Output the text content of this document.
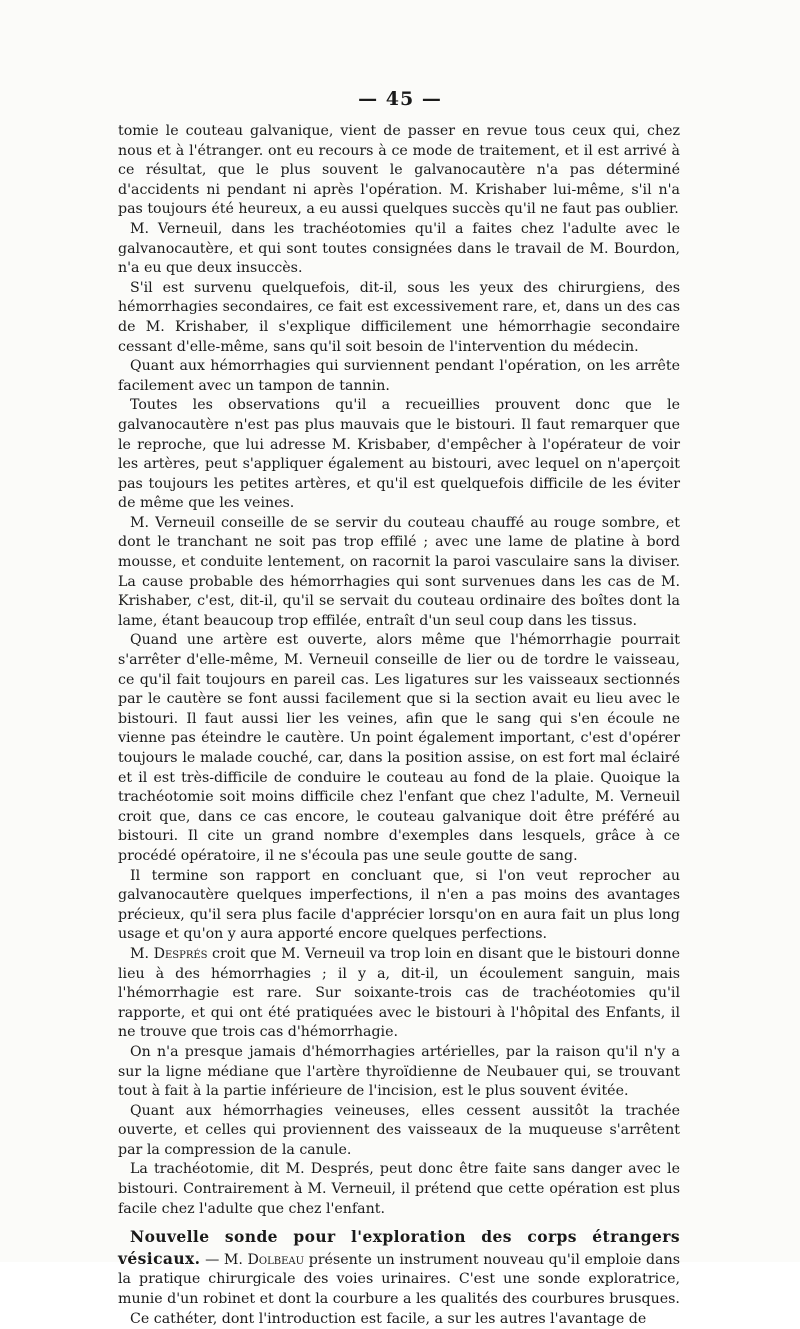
— 45 —

tomie le couteau galvanique, vient de passer en revue tous ceux qui, chez nous et à l'étranger. ont eu recours à ce mode de traitement, et il est arrivé à ce résultat, que le plus souvent le galvanocautère n'a pas déterminé d'accidents ni pendant ni après l'opération. M. Krishaber lui-même, s'il n'a pas toujours été heureux, a eu aussi quelques succès qu'il ne faut pas oublier.

M. Verneuil, dans les trachéotomies qu'il a faites chez l'adulte avec le galvanocautère, et qui sont toutes consignées dans le travail de M. Bourdon, n'a eu que deux insuccès.

S'il est survenu quelquefois, dit-il, sous les yeux des chirurgiens, des hémorrhagies secondaires, ce fait est excessivement rare, et, dans un des cas de M. Krishaber, il s'explique difficilement une hémorrhagie secondaire cessant d'elle-même, sans qu'il soit besoin de l'intervention du médecin.

Quant aux hémorrhagies qui surviennent pendant l'opération, on les arrête facilement avec un tampon de tannin.

Toutes les observations qu'il a recueillies prouvent donc que le galvanocautère n'est pas plus mauvais que le bistouri. Il faut remarquer que le reproche, que lui adresse M. Krisbaber, d'empêcher à l'opérateur de voir les artères, peut s'appliquer également au bistouri, avec lequel on n'aperçoit pas toujours les petites artères, et qu'il est quelquefois difficile de les éviter de même que les veines.

M. Verneuil conseille de se servir du couteau chauffé au rouge sombre, et dont le tranchant ne soit pas trop effilé ; avec une lame de platine à bord mousse, et conduite lentement, on racornit la paroi vasculaire sans la diviser. La cause probable des hémorrhagies qui sont survenues dans les cas de M. Krishaber, c'est, dit-il, qu'il se servait du couteau ordinaire des boîtes dont la lame, étant beaucoup trop effilée, entraît d'un seul coup dans les tissus.

Quand une artère est ouverte, alors même que l'hémorrhagie pourrait s'arrêter d'elle-même, M. Verneuil conseille de lier ou de tordre le vaisseau, ce qu'il fait toujours en pareil cas. Les ligatures sur les vaisseaux sectionnés par le cautère se font aussi facilement que si la section avait eu lieu avec le bistouri. Il faut aussi lier les veines, afin que le sang qui s'en écoule ne vienne pas éteindre le cautère. Un point également important, c'est d'opérer toujours le malade couché, car, dans la position assise, on est fort mal éclairé et il est très-difficile de conduire le couteau au fond de la plaie. Quoique la trachéotomie soit moins difficile chez l'enfant que chez l'adulte, M. Verneuil croit que, dans ce cas encore, le couteau galvanique doit être préféré au bistouri. Il cite un grand nombre d'exemples dans lesquels, grâce à ce procédé opératoire, il ne s'écoula pas une seule goutte de sang.

Il termine son rapport en concluant que, si l'on veut reprocher au galvanocautère quelques imperfections, il n'en a pas moins des avantages précieux, qu'il sera plus facile d'apprécier lorsqu'on en aura fait un plus long usage et qu'on y aura apporté encore quelques perfections.

M. Després croit que M. Verneuil va trop loin en disant que le bistouri donne lieu à des hémorrhagies ; il y a, dit-il, un écoulement sanguin, mais l'hémorrhagie est rare. Sur soixante-trois cas de trachéotomies qu'il rapporte, et qui ont été pratiquées avec le bistouri à l'hôpital des Enfants, il ne trouve que trois cas d'hémorrhagie.

On n'a presque jamais d'hémorrhagies artérielles, par la raison qu'il n'y a sur la ligne médiane que l'artère thyroïdienne de Neubauer qui, se trouvant tout à fait à la partie inférieure de l'incision, est le plus souvent évitée.

Quant aux hémorrhagies veineuses, elles cessent aussitôt la trachée ouverte, et celles qui proviennent des vaisseaux de la muqueuse s'arrêtent par la compression de la canule.

La trachéotomie, dit M. Després, peut donc être faite sans danger avec le bistouri. Contrairement à M. Verneuil, il prétend que cette opération est plus facile chez l'adulte que chez l'enfant.

Nouvelle sonde pour l'exploration des corps étrangers vésicaux. — M. Dolbeau présente un instrument nouveau qu'il emploie dans la pratique chirurgicale des voies urinaires. C'est une sonde exploratrice, munie d'un robinet et dont la courbure a les qualités des courbures brusques.

Ce cathéter, dont l'introduction est facile, a sur les autres l'avantage de
